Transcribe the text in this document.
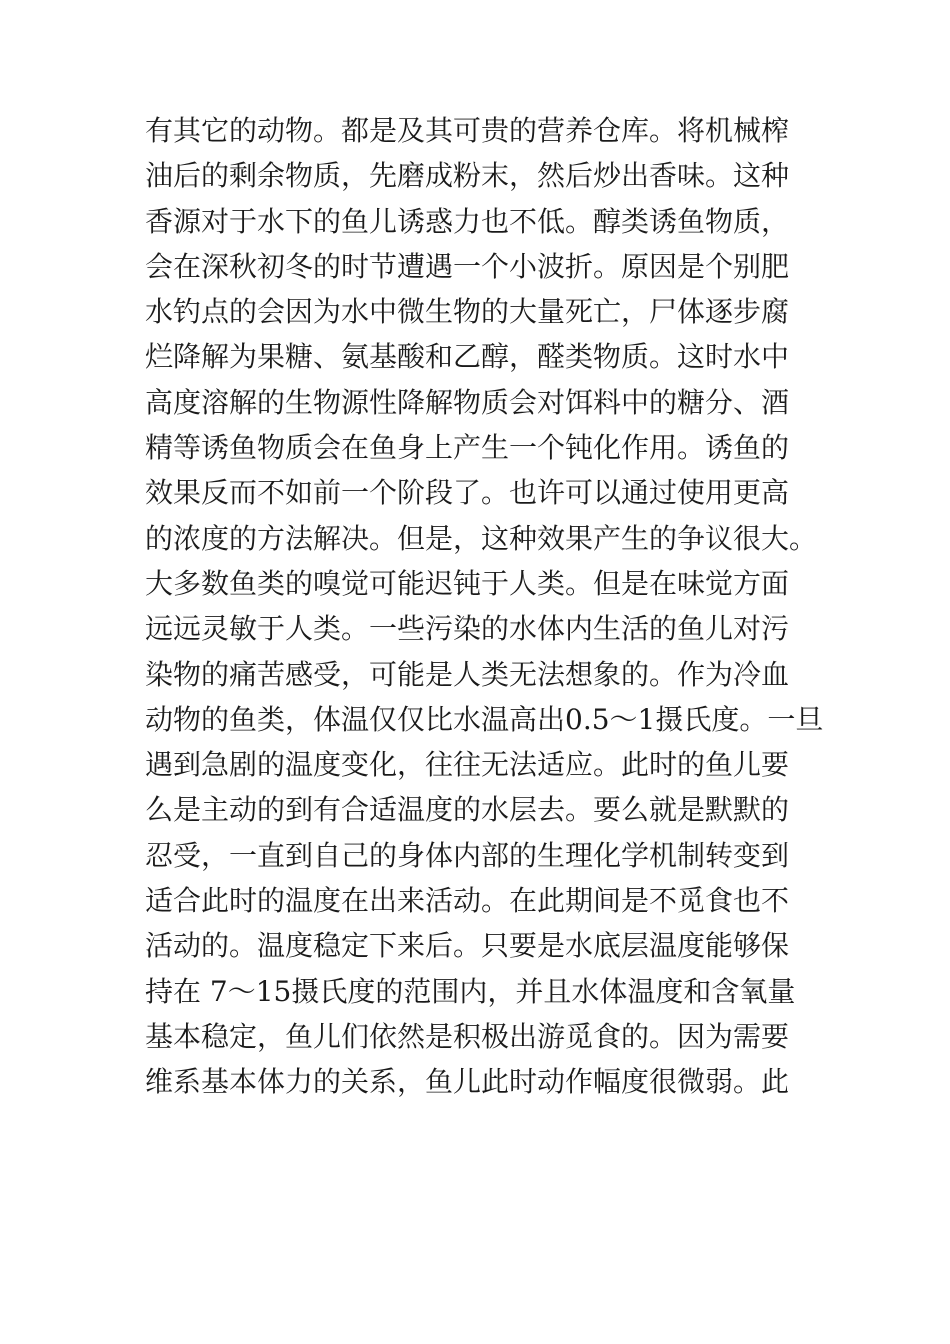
有其它的动物。都是及其可贵的营养仓库。将机械榨
油后的剩余物质，先磨成粉末，然后炒出香味。这种
香源对于水下的鱼儿诱惑力也不低。醇类诱鱼物质，
会在深秋初冬的时节遭遇一个小波折。原因是个别肥
水钓点的会因为水中微生物的大量死亡，尸体逐步腐
烂降解为果糖、氨基酸和乙醇，醛类物质。这时水中
高度溶解的生物源性降解物质会对饵料中的糖分、酒
精等诱鱼物质会在鱼身上产生一个钝化作用。诱鱼的
效果反而不如前一个阶段了。也许可以通过使用更高
的浓度的方法解决。但是，这种效果产生的争议很大。
大多数鱼类的嗅觉可能迟钝于人类。但是在味觉方面
远远灵敏于人类。一些污染的水体内生活的鱼儿对污
染物的痛苦感受，可能是人类无法想象的。作为冷血
动物的鱼类，体温仅仅比水温高出0.5～1摄氏度。一旦
遇到急剧的温度变化，往往无法适应。此时的鱼儿要
么是主动的到有合适温度的水层去。要么就是默默的
忍受，一直到自己的身体内部的生理化学机制转变到
适合此时的温度在出来活动。在此期间是不觅食也不
活动的。温度稳定下来后。只要是水底层温度能够保
持在 7～15摄氏度的范围内，并且水体温度和含氧量
基本稳定，鱼儿们依然是积极出游觅食的。因为需要
维系基本体力的关系，鱼儿此时动作幅度很微弱。此
